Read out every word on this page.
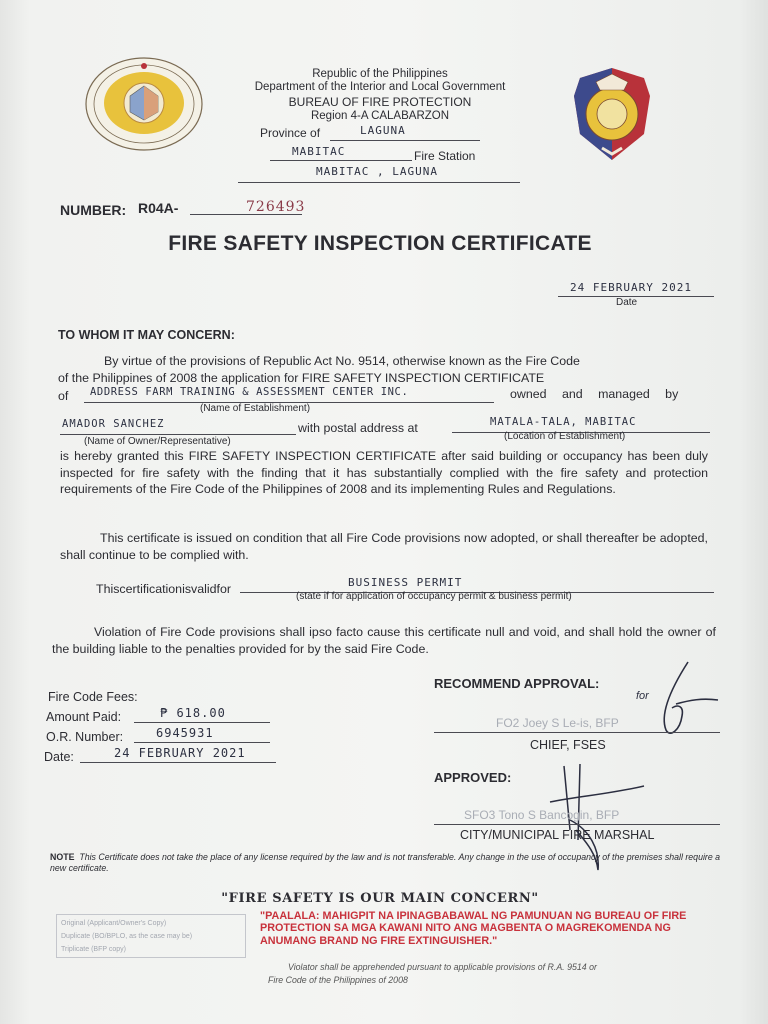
Republic of the Philippines
Department of the Interior and Local Government
BUREAU OF FIRE PROTECTION
Region 4-A CALABARZON
Province of	LAGUNA
MABITAC	Fire Station
MABITAC , LAGUNA
NUMBER: R04A-	726493
FIRE SAFETY INSPECTION CERTIFICATE
24 FEBRUARY 2021
Date
TO WHOM IT MAY CONCERN:
By virtue of the provisions of Republic Act No. 9514, otherwise known as the Fire Code
of the Philippines of 2008 the application for FIRE SAFETY INSPECTION CERTIFICATE
of ADDRESS FARM TRAINING & ASSESSMENT CENTER INC.	owned and managed by
(Name of Establishment)
AMADOR SANCHEZ	with postal address at	MATALA-TALA, MABITAC
(Name of Owner/Representative)	(Location of Establishment)
is hereby granted this FIRE SAFETY INSPECTION CERTIFICATE after said building or occupancy has been duly inspected for fire safety with the finding that it has substantially complied with the fire safety and protection requirements of the Fire Code of the Philippines of 2008 and its implementing Rules and Regulations.
This certificate is issued on condition that all Fire Code provisions now adopted, or shall thereafter be adopted, shall continue to be complied with.
Thiscertificationisvalidfor	BUSINESS PERMIT
(state if for application of occupancy permit & business permit)
Violation of Fire Code provisions shall ipso facto cause this certificate null and void, and shall hold the owner of the building liable to the penalties provided for by the said Fire Code.
Fire Code Fees:
Amount Paid:	₱ 618.00
O.R. Number:	6945931
Date:	24 FEBRUARY 2021
RECOMMEND APPROVAL:
for
FO2 Joey S Le-is, BFP
CHIEF, FSES
APPROVED:
SFO3 Tono S Bancogin, BFP
CITY/MUNICIPAL FIRE MARSHAL
NOTE This Certificate does not take the place of any license required by the law and is not transferable. Any change in the use of occupancy of the premises shall require a new certificate.
"FIRE SAFETY IS OUR MAIN CONCERN"
Original (Applicant/Owner's Copy)
Duplicate (BO/BPLO, as the case may be)
Triplicate (BFP copy)
"PAALALA: MAHIGPIT NA IPINAGBABAWAL NG PAMUNUAN NG BUREAU OF FIRE PROTECTION SA MGA KAWANI NITO ANG MAGBENTA O MAGREKOMENDA NG ANUMANG BRAND NG FIRE EXTINGUISHER."
Violator shall be apprehended pursuant to applicable provisions of R.A. 9514 or
Fire Code of the Philippines of 2008
